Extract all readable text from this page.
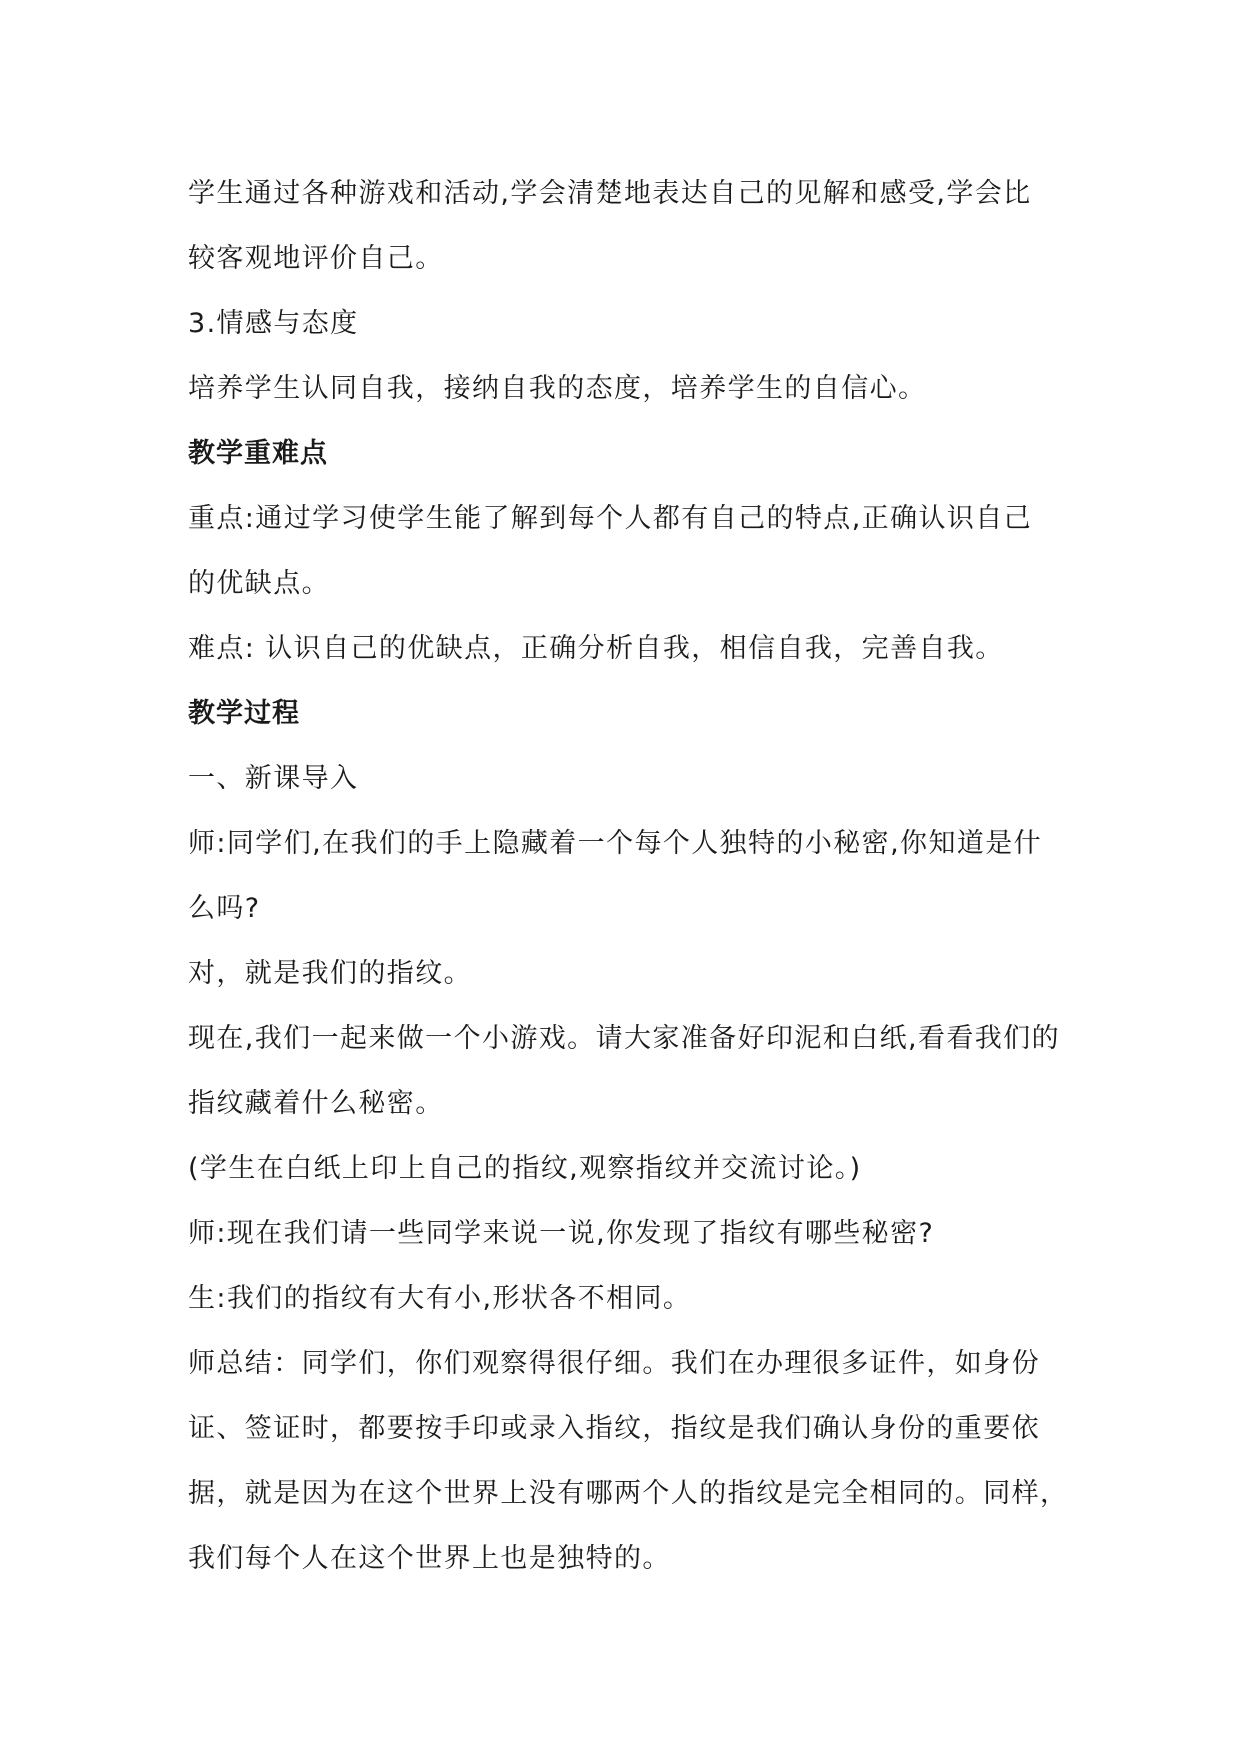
学生通过各种游戏和活动,学会清楚地表达自己的见解和感受,学会比
较客观地评价自己。
3.情感与态度
培养学生认同自我，接纳自我的态度，培养学生的自信心。
教学重难点
重点:通过学习使学生能了解到每个人都有自己的特点,正确认识自己
的优缺点。
难点: 认识自己的优缺点，正确分析自我，相信自我，完善自我。
教学过程
一、新课导入
师:同学们,在我们的手上隐藏着一个每个人独特的小秘密,你知道是什
么吗?
对，就是我们的指纹。
现在,我们一起来做一个小游戏。请大家准备好印泥和白纸,看看我们的
指纹藏着什么秘密。
(学生在白纸上印上自己的指纹,观察指纹并交流讨论。)
师:现在我们请一些同学来说一说,你发现了指纹有哪些秘密?
生:我们的指纹有大有小,形状各不相同。
师总结：同学们，你们观察得很仔细。我们在办理很多证件，如身份
证、签证时，都要按手印或录入指纹，指纹是我们确认身份的重要依
据，就是因为在这个世界上没有哪两个人的指纹是完全相同的。同样，
我们每个人在这个世界上也是独特的。
